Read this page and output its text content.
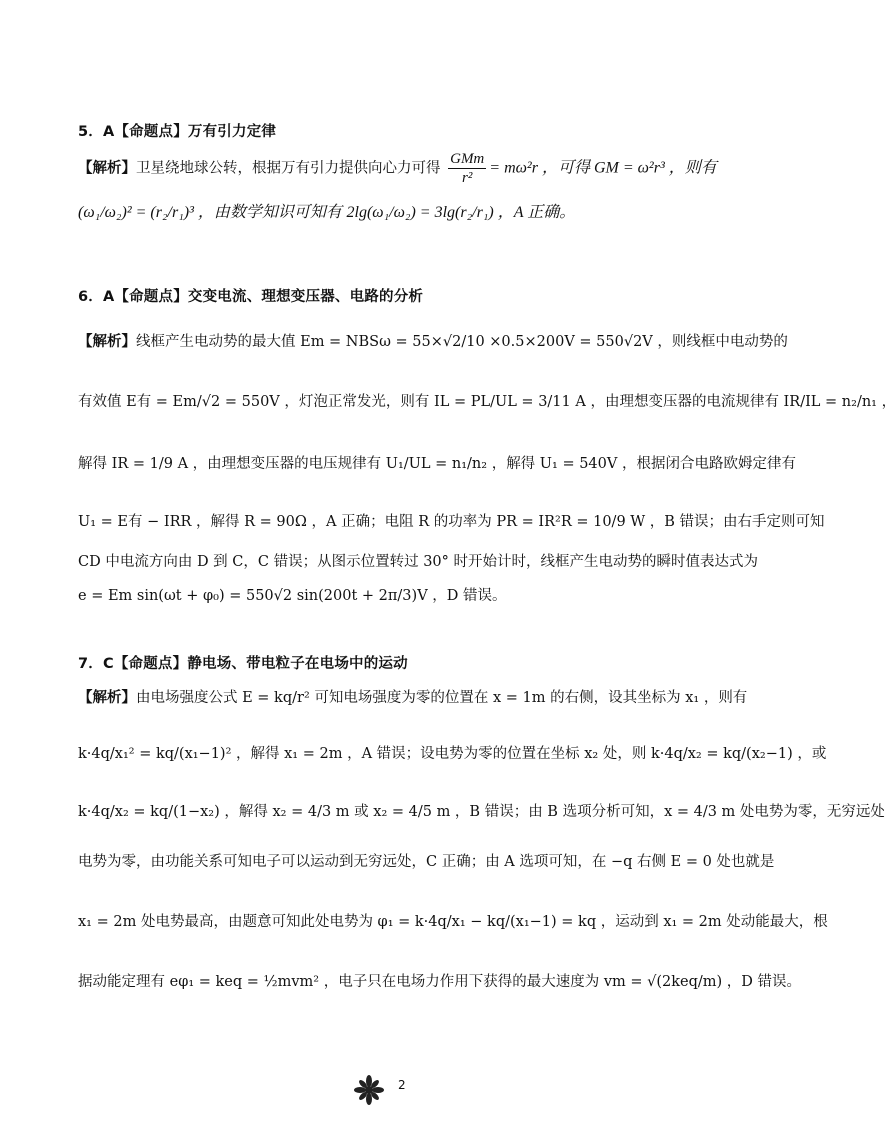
5．A【命题点】万有引力定律
【解析】卫星绕地球公转，根据万有引力提供向心力可得 $\frac{\text{GMm}}{\text{r²}} = m\omega^2r$ ，可得 GM = ω²r³ ，则有
(ω₁/ω₂)² = (r₂/r₁)³ ，由数学知识可知有 2lg(ω₁/ω₂) = 3lg(r₂/r₁) ，A 正确。
6．A【命题点】交变电流、理想变压器、电路的分析
【解析】线框产生电动势的最大值 Em = NBSω = 55×√2/10 ×0.5×200V = 550√2V ，则线框中电动势的
有效值 E有 = Em/√2 = 550V ，灯泡正常发光，则有 IL = PL/UL = 3/11 A ，由理想变压器的电流规律有 IR/IL = n₂/n₁ ，
解得 IR = 1/9 A ，由理想变压器的电压规律有 U₁/UL = n₁/n₂ ，解得 U₁ = 540V ，根据闭合电路欧姆定律有
U₁ = E有 − IRR ，解得 R = 90Ω ，A 正确；电阻 R 的功率为 PR = IR²R = 10/9 W ，B 错误；由右手定则可知
CD 中电流方向由 D 到 C，C 错误；从图示位置转过 30° 时开始计时，线框产生电动势的瞬时值表达式为
e = Em sin(ωt + φ₀) = 550√2 sin(200t + 2π/3)V ，D 错误。
7．C【命题点】静电场、带电粒子在电场中的运动
【解析】由电场强度公式 E = kq/r² 可知电场强度为零的位置在 x = 1m 的右侧，设其坐标为 x₁ ，则有
k·4q/x₁² = kq/(x₁−1)² ，解得 x₁ = 2m ，A 错误；设电势为零的位置在坐标 x₂ 处，则 k·4q/x₂ = kq/(x₂−1) ，或
k·4q/x₂ = kq/(1−x₂) ，解得 x₂ = 4/3 m 或 x₂ = 4/5 m ，B 错误；由 B 选项分析可知，x = 4/3 m 处电势为零，无穷远处
电势为零，由功能关系可知电子可以运动到无穷远处，C 正确；由 A 选项可知，在 −q 右侧 E = 0 处也就是
x₁ = 2m 处电势最高，由题意可知此处电势为 φ₁ = k·4q/x₁ − kq/(x₁−1) = kq ，运动到 x₁ = 2m 处动能最大，根
据动能定理有 eφ₁ = keq = ½mvm² ，电子只在电场力作用下获得的最大速度为 vm = √(2keq/m) ，D 错误。
2
